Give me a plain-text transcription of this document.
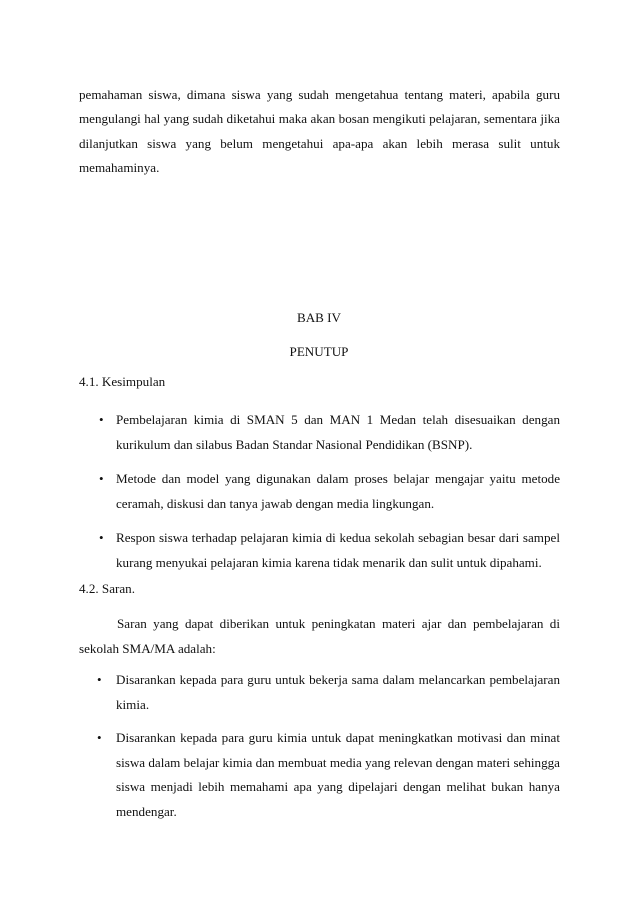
pemahaman siswa, dimana siswa yang sudah mengetahua tentang materi, apabila guru mengulangi hal yang sudah diketahui maka akan bosan mengikuti pelajaran, sementara jika dilanjutkan siswa yang belum mengetahui apa-apa akan lebih merasa sulit untuk memahaminya.

BAB IV

PENUTUP

4.1. Kesimpulan

• Pembelajaran kimia di SMAN 5 dan MAN 1 Medan telah disesuaikan dengan kurikulum dan silabus Badan Standar Nasional Pendidikan (BSNP).
• Metode dan model yang digunakan dalam proses belajar mengajar yaitu metode ceramah, diskusi dan tanya jawab dengan media lingkungan.
• Respon siswa terhadap pelajaran kimia di kedua sekolah sebagian besar dari sampel kurang menyukai pelajaran kimia karena tidak menarik dan sulit untuk dipahami.

4.2. Saran.

Saran yang dapat diberikan untuk peningkatan materi ajar dan pembelajaran di sekolah SMA/MA adalah:

• Disarankan kepada para guru untuk bekerja sama dalam melancarkan pembelajaran kimia.
• Disarankan kepada para guru kimia untuk dapat meningkatkan motivasi dan minat siswa dalam belajar kimia dan membuat media yang relevan dengan materi sehingga siswa menjadi lebih memahami apa yang dipelajari dengan melihat bukan hanya mendengar.
